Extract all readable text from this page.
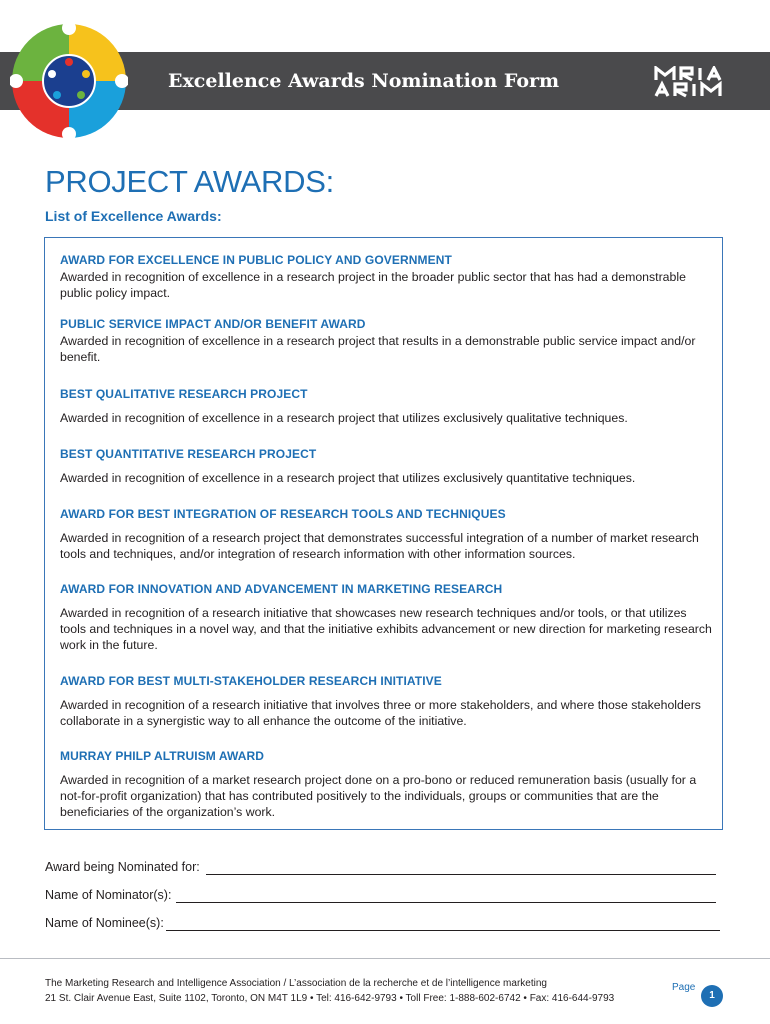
Excellence Awards Nomination Form
PROJECT AWARDS:
List of Excellence Awards:
AWARD FOR EXCELLENCE IN PUBLIC POLICY AND GOVERNMENT
Awarded in recognition of excellence in a research project in the broader public sector that has had a demonstrable public policy impact.
PUBLIC SERVICE IMPACT AND/OR BENEFIT AWARD
Awarded in recognition of excellence in a research project that results in a demonstrable public service impact and/or benefit.
BEST QUALITATIVE RESEARCH PROJECT
Awarded in recognition of excellence in a research project that utilizes exclusively qualitative techniques.
BEST QUANTITATIVE RESEARCH PROJECT
Awarded in recognition of excellence in a research project that utilizes exclusively quantitative techniques.
AWARD FOR BEST INTEGRATION OF RESEARCH TOOLS AND TECHNIQUES
Awarded in recognition of a research project that demonstrates successful integration of a number of market research tools and techniques, and/or integration of research information with other information sources.
AWARD FOR INNOVATION AND ADVANCEMENT IN MARKETING RESEARCH
Awarded in recognition of a research initiative that showcases new research techniques and/or tools, or that utilizes tools and techniques in a novel way, and that the initiative exhibits advancement or new direction for marketing research work in the future.
AWARD FOR BEST MULTI-STAKEHOLDER RESEARCH INITIATIVE
Awarded in recognition of a research initiative that involves three or more stakeholders, and where those stakeholders collaborate in a synergistic way to all enhance the outcome of the initiative.
MURRAY PHILP ALTRUISM AWARD
Awarded in recognition of a market research project done on a pro-bono or reduced remuneration basis (usually for a not-for-profit organization) that has contributed positively to the individuals, groups or communities that are the beneficiaries of the organization’s work.
Award being Nominated for:
Name of Nominator(s):
Name of Nominee(s):
The Marketing Research and Intelligence Association / L’association de la recherche et de l’intelligence marketing
21 St. Clair Avenue East, Suite 1102, Toronto, ON M4T 1L9 • Tel: 416-642-9793 • Toll Free: 1-888-602-6742 • Fax: 416-644-9793
Page
1
